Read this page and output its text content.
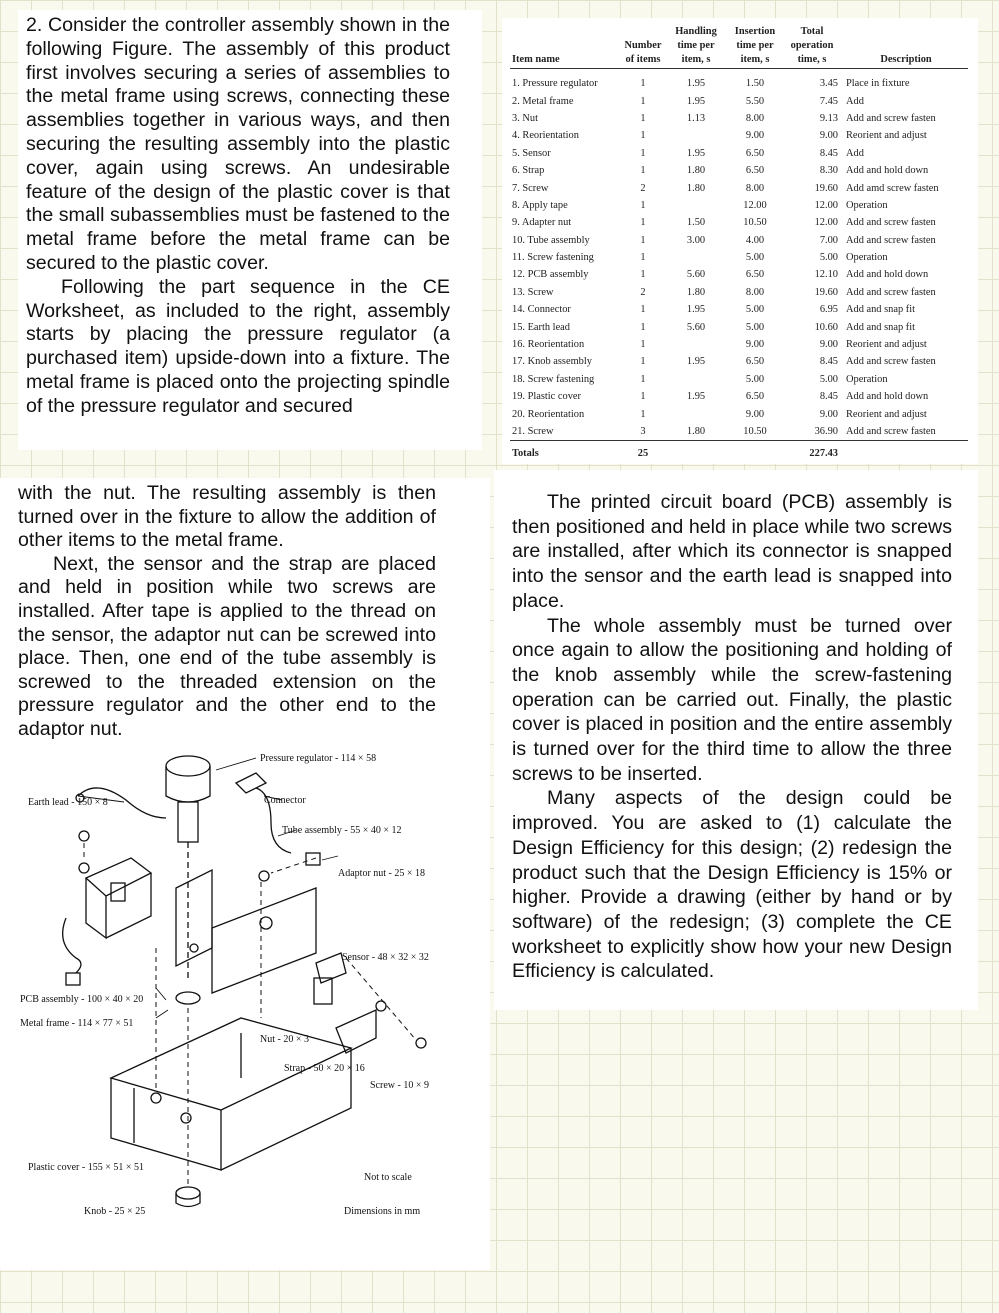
2. Consider the controller assembly shown in the following Figure. The assembly of this product first involves securing a series of assemblies to the metal frame using screws, connecting these assemblies together in various ways, and then securing the resulting assembly into the plastic cover, again using screws. An undesirable feature of the design of the plastic cover is that the small subassemblies must be fastened to the metal frame before the metal frame can be secured to the plastic cover.

Following the part sequence in the CE Worksheet, as included to the right, assembly starts by placing the pressure regulator (a purchased item) upside-down into a fixture. The metal frame is placed onto the projecting spindle of the pressure regulator and secured

		Handling	Insertion	Total	
	Number	time per	time per	operation	
Item name	of items	item, s	item, s	time, s	Description
1. Pressure regulator	1	1.95	1.50	3.45	Place in fixture
2. Metal frame	1	1.95	5.50	7.45	Add
3. Nut	1	1.13	8.00	9.13	Add and screw fasten
4. Reorientation	1		9.00	9.00	Reorient and adjust
5. Sensor	1	1.95	6.50	8.45	Add
6. Strap	1	1.80	6.50	8.30	Add and hold down
7. Screw	2	1.80	8.00	19.60	Add amd screw fasten
8. Apply tape	1		12.00	12.00	Operation
9. Adapter nut	1	1.50	10.50	12.00	Add and screw fasten
10. Tube assembly	1	3.00	4.00	7.00	Add and screw fasten
11. Screw fastening	1		5.00	5.00	Operation
12. PCB assembly	1	5.60	6.50	12.10	Add and hold down
13. Screw	2	1.80	8.00	19.60	Add and screw fasten
14. Connector	1	1.95	5.00	6.95	Add and snap fit
15. Earth lead	1	5.60	5.00	10.60	Add and snap fit
16. Reorientation	1		9.00	9.00	Reorient and adjust
17. Knob assembly	1	1.95	6.50	8.45	Add and screw fasten
18. Screw fastening	1		5.00	5.00	Operation
19. Plastic cover	1	1.95	6.50	8.45	Add and hold down
20. Reorientation	1		9.00	9.00	Reorient and adjust
21. Screw	3	1.80	10.50	36.90	Add and screw fasten
Totals	25			227.43	

with the nut. The resulting assembly is then turned over in the fixture to allow the addition of other items to the metal frame.

Next, the sensor and the strap are placed and held in position while two screws are installed. After tape is applied to the thread on the sensor, the adaptor nut can be screwed into place. Then, one end of the tube assembly is screwed to the threaded extension on the pressure regulator and the other end to the adaptor nut.

Pressure regulator - 114 × 58
Earth lead - 150 × 8	Connector
Tube assembly - 55 × 40 × 12
Adaptor nut - 25 × 18
Sensor - 48 × 32 × 32
PCB assembly - 100 × 40 × 20
Metal frame - 114 × 77 × 51
Nut - 20 × 3
Strap - 50 × 20 × 16
Screw - 10 × 9
Plastic cover - 155 × 51 × 51
Not to scale
Knob - 25 × 25	Dimensions in mm

The printed circuit board (PCB) assembly is then positioned and held in place while two screws are installed, after which its connector is snapped into the sensor and the earth lead is snapped into place.

The whole assembly must be turned over once again to allow the positioning and holding of the knob assembly while the screw-fastening operation can be carried out. Finally, the plastic cover is placed in position and the entire assembly is turned over for the third time to allow the three screws to be inserted.

Many aspects of the design could be improved. You are asked to (1) calculate the Design Efficiency for this design; (2) redesign the product such that the Design Efficiency is 15% or higher. Provide a drawing (either by hand or by software) of the redesign; (3) complete the CE worksheet to explicitly show how your new Design Efficiency is calculated.
